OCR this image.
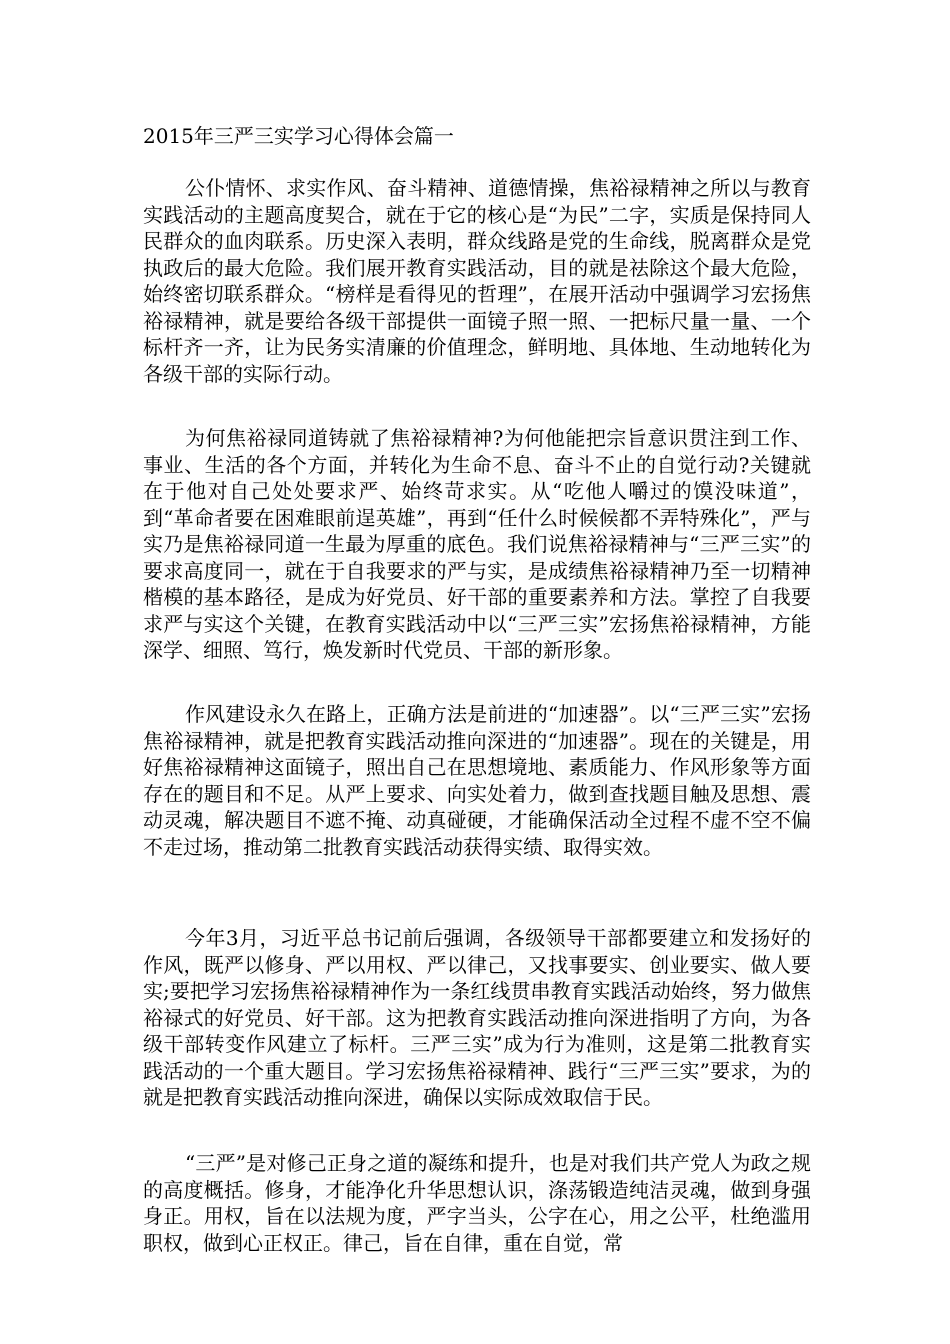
2015年三严三实学习心得体会篇一

公仆情怀、求实作风、奋斗精神、道德情操，焦裕禄精神之所以与教育实践活动的主题高度契合，就在于它的核心是“为民”二字，实质是保持同人民群众的血肉联系。历史深入表明，群众线路是党的生命线，脱离群众是党执政后的最大危险。我们展开教育实践活动，目的就是祛除这个最大危险，始终密切联系群众。“榜样是看得见的哲理”，在展开活动中强调学习宏扬焦裕禄精神，就是要给各级干部提供一面镜子照一照、一把标尺量一量、一个标杆齐一齐，让为民务实清廉的价值理念，鲜明地、具体地、生动地转化为各级干部的实际行动。

为何焦裕禄同道铸就了焦裕禄精神?为何他能把宗旨意识贯注到工作、事业、生活的各个方面，并转化为生命不息、奋斗不止的自觉行动?关键就在于他对自己处处要求严、始终苛求实。从“吃他人嚼过的馍没味道”，到“革命者要在困难眼前逞英雄”，再到“任什么时候候都不弄特殊化”，严与实乃是焦裕禄同道一生最为厚重的底色。我们说焦裕禄精神与“三严三实”的要求高度同一，就在于自我要求的严与实，是成绩焦裕禄精神乃至一切精神楷模的基本路径，是成为好党员、好干部的重要素养和方法。掌控了自我要求严与实这个关键，在教育实践活动中以“三严三实”宏扬焦裕禄精神，方能深学、细照、笃行，焕发新时代党员、干部的新形象。

作风建设永久在路上，正确方法是前进的“加速器”。以“三严三实”宏扬焦裕禄精神，就是把教育实践活动推向深进的“加速器”。现在的关键是，用好焦裕禄精神这面镜子，照出自己在思想境地、素质能力、作风形象等方面存在的题目和不足。从严上要求、向实处着力，做到查找题目触及思想、震动灵魂，解决题目不遮不掩、动真碰硬，才能确保活动全过程不虚不空不偏不走过场，推动第二批教育实践活动获得实绩、取得实效。

今年3月，习近平总书记前后强调，各级领导干部都要建立和发扬好的作风，既严以修身、严以用权、严以律己，又找事要实、创业要实、做人要实;要把学习宏扬焦裕禄精神作为一条红线贯串教育实践活动始终，努力做焦裕禄式的好党员、好干部。这为把教育实践活动推向深进指明了方向，为各级干部转变作风建立了标杆。三严三实”成为行为准则，这是第二批教育实践活动的一个重大题目。学习宏扬焦裕禄精神、践行“三严三实”要求，为的就是把教育实践活动推向深进，确保以实际成效取信于民。

“三严”是对修己正身之道的凝练和提升，也是对我们共产党人为政之规的高度概括。修身，才能净化升华思想认识，涤荡锻造纯洁灵魂，做到身强身正。用权，旨在以法规为度，严字当头，公字在心，用之公平，杜绝滥用职权，做到心正权正。律己，旨在自律，重在自觉，常
